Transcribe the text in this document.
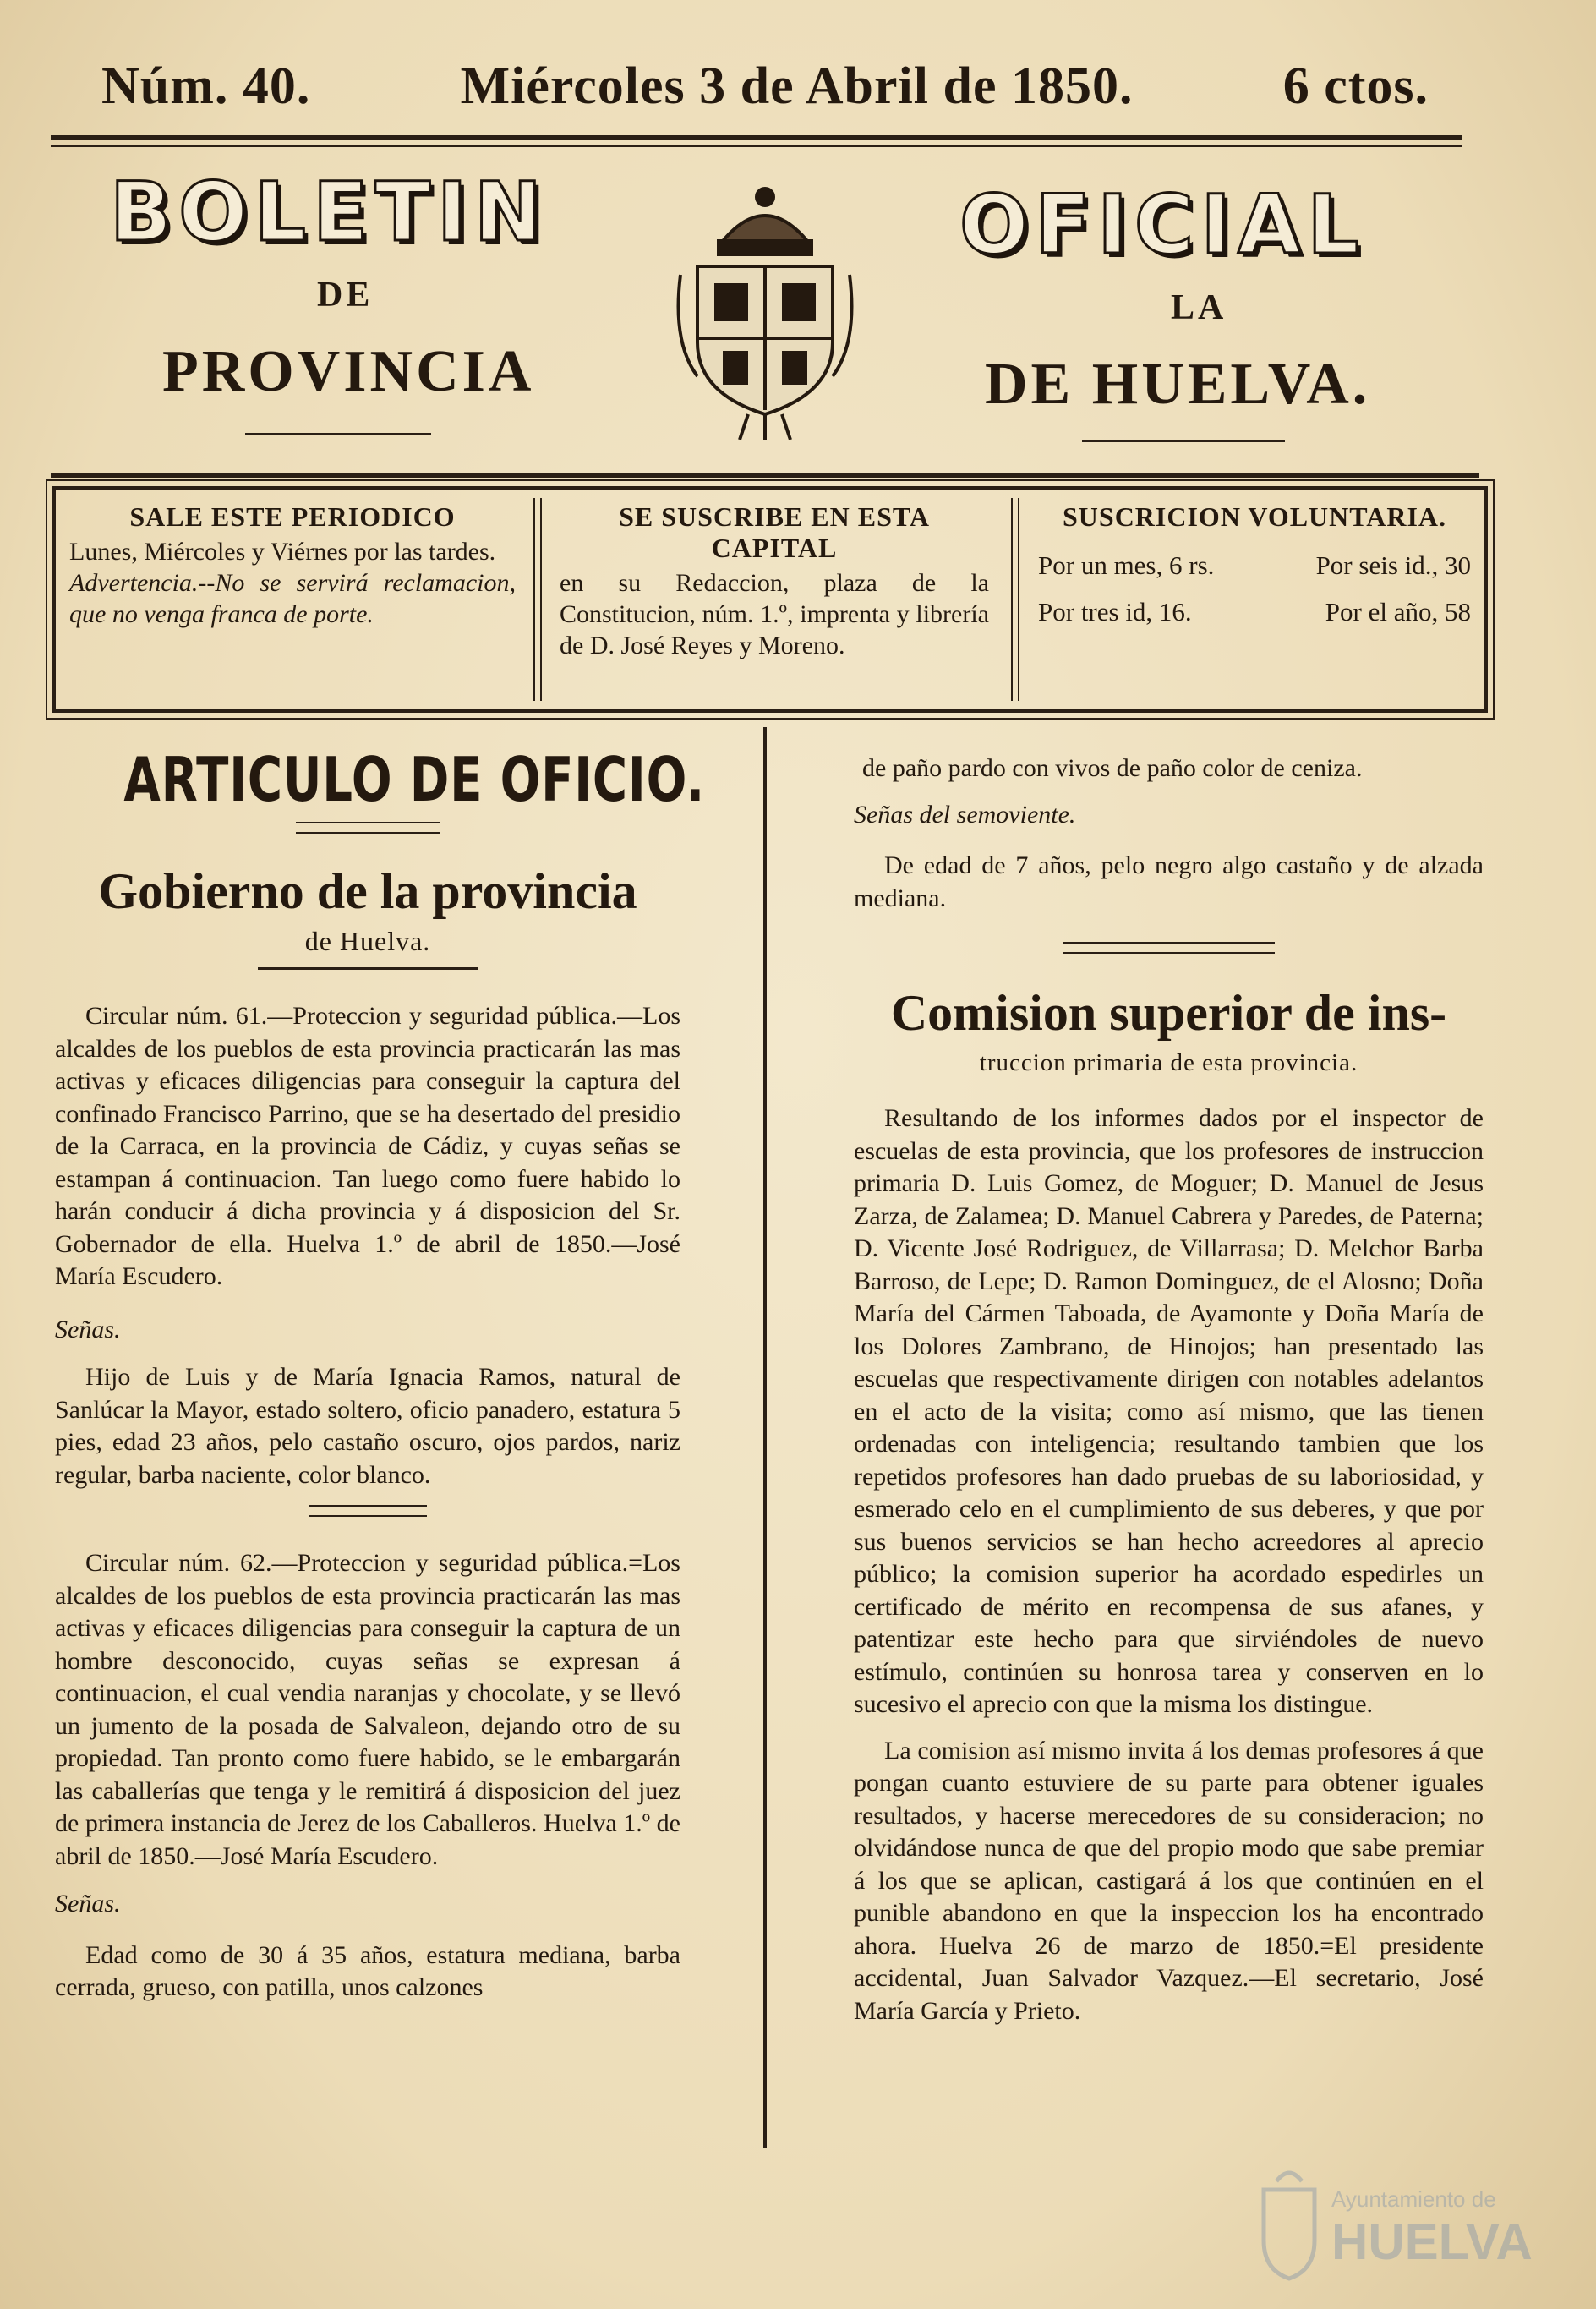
Núm. 40.	Miércoles 3 de Abril de 1850.	6 ctos.
BOLETIN	OFICIAL
DE	LA
PROVINCIA	DE HUELVA.
SALE ESTE PERIODICO
Lunes, Miércoles y Viérnes por las tardes.
Advertencia.--No se servirá reclamacion, que no venga franca de porte.
SE SUSCRIBE EN ESTA CAPITAL
en su Redaccion, plaza de la Constitucion, núm. 1.º, imprenta y librería de D. José Reyes y Moreno.
SUSCRICION VOLUNTARIA.
Por un mes, 6 rs.	Por seis id., 30
Por tres id, 16.	Por el año, 58
ARTICULO DE OFICIO.
Gobierno de la provincia
de Huelva.

Circular núm. 61.—Proteccion y seguridad pública.—Los alcaldes de los pueblos de esta provincia practicarán las mas activas y eficaces diligencias para conseguir la captura del confinado Francisco Parrino, que se ha desertado del presidio de la Carraca, en la provincia de Cádiz, y cuyas señas se estampan á continuacion. Tan luego como fuere habido lo harán conducir á dicha provincia y á disposicion del Sr. Gobernador de ella. Huelva 1.º de abril de 1850.—José María Escudero.

Señas.

Hijo de Luis y de María Ignacia Ramos, natural de Sanlúcar la Mayor, estado soltero, oficio panadero, estatura 5 pies, edad 23 años, pelo castaño oscuro, ojos pardos, nariz regular, barba naciente, color blanco.

Circular núm. 62.—Proteccion y seguridad pública.=Los alcaldes de los pueblos de esta provincia practicarán las mas activas y eficaces diligencias para conseguir la captura de un hombre desconocido, cuyas señas se expresan á continuacion, el cual vendia naranjas y chocolate, y se llevó un jumento de la posada de Salvaleon, dejando otro de su propiedad. Tan pronto como fuere habido, se le embargarán las caballerías que tenga y le remitirá á disposicion del juez de primera instancia de Jerez de los Caballeros. Huelva 1.º de abril de 1850.—José María Escudero.

Señas.

Edad como de 30 á 35 años, estatura mediana, barba cerrada, grueso, con patilla, unos calzones

de paño pardo con vivos de paño color de ceniza.

Señas del semoviente.

De edad de 7 años, pelo negro algo castaño y de alzada mediana.

Comision superior de ins-
truccion primaria de esta provincia.

Resultando de los informes dados por el inspector de escuelas de esta provincia, que los profesores de instruccion primaria D. Luis Gomez, de Moguer; D. Manuel de Jesus Zarza, de Zalamea; D. Manuel Cabrera y Paredes, de Paterna; D. Vicente José Rodriguez, de Villarrasa; D. Melchor Barba Barroso, de Lepe; D. Ramon Dominguez, de el Alosno; Doña María del Cármen Taboada, de Ayamonte y Doña María de los Dolores Zambrano, de Hinojos; han presentado las escuelas que respectivamente dirigen con notables adelantos en el acto de la visita; como así mismo, que las tienen ordenadas con inteligencia; resultando tambien que los repetidos profesores han dado pruebas de su laboriosidad, y esmerado celo en el cumplimiento de sus deberes, y que por sus buenos servicios se han hecho acreedores al aprecio público; la comision superior ha acordado espedirles un certificado de mérito en recompensa de sus afanes, y patentizar este hecho para que sirviéndoles de nuevo estímulo, continúen su honrosa tarea y conserven en lo sucesivo el aprecio con que la misma los distingue.

La comision así mismo invita á los demas profesores á que pongan cuanto estuviere de su parte para obtener iguales resultados, y hacerse merecedores de su consideracion; no olvidándose nunca de que del propio modo que sabe premiar á los que se aplican, castigará á los que continúen en el punible abandono en que la inspeccion los ha encontrado ahora. Huelva 26 de marzo de 1850.=El presidente accidental, Juan Salvador Vazquez.—El secretario, José María García y Prieto.

Ayuntamiento de
HUELVA
